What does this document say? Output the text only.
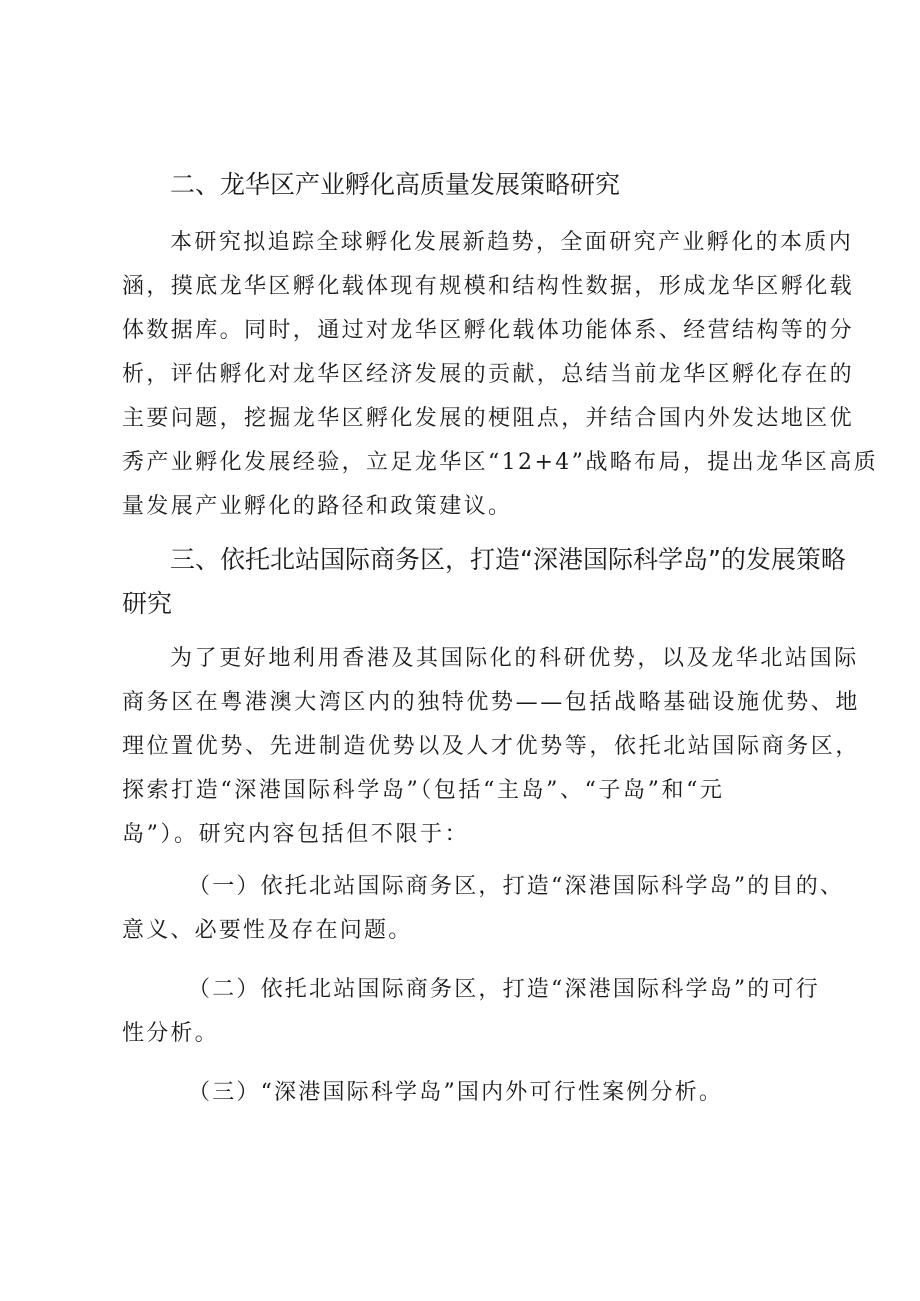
二、龙华区产业孵化高质量发展策略研究
本研究拟追踪全球孵化发展新趋势，全面研究产业孵化的本质内
涵，摸底龙华区孵化载体现有规模和结构性数据，形成龙华区孵化载
体数据库。同时，通过对龙华区孵化载体功能体系、经营结构等的分
析，评估孵化对龙华区经济发展的贡献，总结当前龙华区孵化存在的
主要问题，挖掘龙华区孵化发展的梗阻点，并结合国内外发达地区优
秀产业孵化发展经验，立足龙华区“12+4”战略布局，提出龙华区高质
量发展产业孵化的路径和政策建议。
三、依托北站国际商务区，打造“深港国际科学岛”的发展策略
研究
为了更好地利用香港及其国际化的科研优势，以及龙华北站国际
商务区在粤港澳大湾区内的独特优势——包括战略基础设施优势、地
理位置优势、先进制造优势以及人才优势等，依托北站国际商务区，
探索打造“深港国际科学岛”（包括“主岛”、“子岛”和“元
岛”）。研究内容包括但不限于：
（一）依托北站国际商务区，打造“深港国际科学岛”的目的、
意义、必要性及存在问题。
（二）依托北站国际商务区，打造“深港国际科学岛”的可行
性分析。
（三）“深港国际科学岛”国内外可行性案例分析。
